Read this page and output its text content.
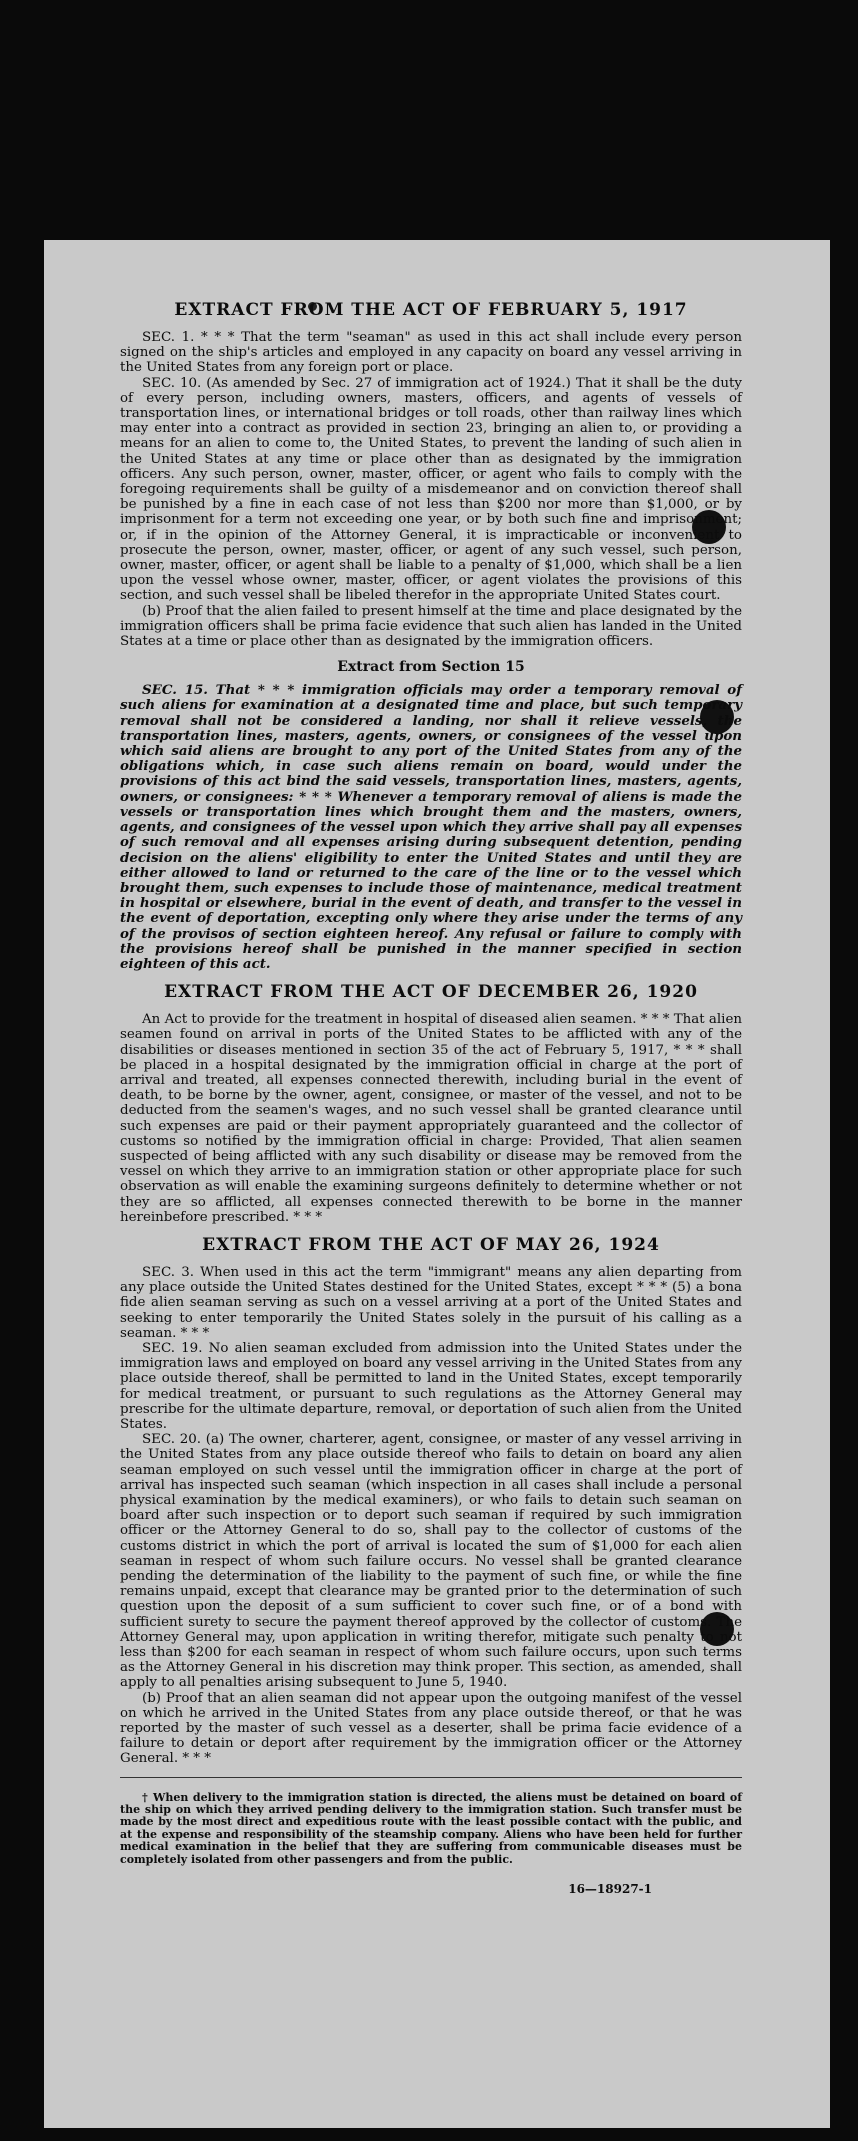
EXTRACT FROM THE ACT OF FEBRUARY 5, 1917

SEC. 1. * * * That the term "seaman" as used in this act shall include every person signed on the ship's articles and employed in any capacity on board any vessel arriving in the United States from any foreign port or place.

SEC. 10. (As amended by Sec. 27 of immigration act of 1924.) That it shall be the duty of every person, including owners, masters, officers, and agents of vessels of transportation lines, or international bridges or toll roads, other than railway lines which may enter into a contract as provided in section 23, bringing an alien to, or providing a means for an alien to come to, the United States, to prevent the landing of such alien in the United States at any time or place other than as designated by the immigration officers. Any such person, owner, master, officer, or agent who fails to comply with the foregoing requirements shall be guilty of a misdemeanor and on conviction thereof shall be punished by a fine in each case of not less than $200 nor more than $1,000, or by imprisonment for a term not exceeding one year, or by both such fine and imprisonment; or, if in the opinion of the Attorney General, it is impracticable or inconvenient to prosecute the person, owner, master, officer, or agent of any such vessel, such person, owner, master, officer, or agent shall be liable to a penalty of $1,000, which shall be a lien upon the vessel whose owner, master, officer, or agent violates the provisions of this section, and such vessel shall be libeled therefor in the appropriate United States court.

(b) Proof that the alien failed to present himself at the time and place designated by the immigration officers shall be prima facie evidence that such alien has landed in the United States at a time or place other than as designated by the immigration officers.

Extract from Section 15

SEC. 15. That * * * immigration officials may order a temporary removal of such aliens for examination at a designated time and place, but such temporary removal shall not be considered a landing, nor shall it relieve vessels, the transportation lines, masters, agents, owners, or consignees of the vessel upon which said aliens are brought to any port of the United States from any of the obligations which, in case such aliens remain on board, would under the provisions of this act bind the said vessels, transportation lines, masters, agents, owners, or consignees: * * * Whenever a temporary removal of aliens is made the vessels or transportation lines which brought them and the masters, owners, agents, and consignees of the vessel upon which they arrive shall pay all expenses of such removal and all expenses arising during subsequent detention, pending decision on the aliens' eligibility to enter the United States and until they are either allowed to land or returned to the care of the line or to the vessel which brought them, such expenses to include those of maintenance, medical treatment in hospital or elsewhere, burial in the event of death, and transfer to the vessel in the event of deportation, excepting only where they arise under the terms of any of the provisos of section eighteen hereof. Any refusal or failure to comply with the provisions hereof shall be punished in the manner specified in section eighteen of this act.

EXTRACT FROM THE ACT OF DECEMBER 26, 1920

An Act to provide for the treatment in hospital of diseased alien seamen. * * * That alien seamen found on arrival in ports of the United States to be afflicted with any of the disabilities or diseases mentioned in section 35 of the act of February 5, 1917, * * * shall be placed in a hospital designated by the immigration official in charge at the port of arrival and treated, all expenses connected therewith, including burial in the event of death, to be borne by the owner, agent, consignee, or master of the vessel, and not to be deducted from the seamen's wages, and no such vessel shall be granted clearance until such expenses are paid or their payment appropriately guaranteed and the collector of customs so notified by the immigration official in charge: Provided, That alien seamen suspected of being afflicted with any such disability or disease may be removed from the vessel on which they arrive to an immigration station or other appropriate place for such observation as will enable the examining surgeons definitely to determine whether or not they are so afflicted, all expenses connected therewith to be borne in the manner hereinbefore prescribed. * * *

EXTRACT FROM THE ACT OF MAY 26, 1924

SEC. 3. When used in this act the term "immigrant" means any alien departing from any place outside the United States destined for the United States, except * * * (5) a bona fide alien seaman serving as such on a vessel arriving at a port of the United States and seeking to enter temporarily the United States solely in the pursuit of his calling as a seaman. * * *

SEC. 19. No alien seaman excluded from admission into the United States under the immigration laws and employed on board any vessel arriving in the United States from any place outside thereof, shall be permitted to land in the United States, except temporarily for medical treatment, or pursuant to such regulations as the Attorney General may prescribe for the ultimate departure, removal, or deportation of such alien from the United States.

SEC. 20. (a) The owner, charterer, agent, consignee, or master of any vessel arriving in the United States from any place outside thereof who fails to detain on board any alien seaman employed on such vessel until the immigration officer in charge at the port of arrival has inspected such seaman (which inspection in all cases shall include a personal physical examination by the medical examiners), or who fails to detain such seaman on board after such inspection or to deport such seaman if required by such immigration officer or the Attorney General to do so, shall pay to the collector of customs of the customs district in which the port of arrival is located the sum of $1,000 for each alien seaman in respect of whom such failure occurs. No vessel shall be granted clearance pending the determination of the liability to the payment of such fine, or while the fine remains unpaid, except that clearance may be granted prior to the determination of such question upon the deposit of a sum sufficient to cover such fine, or of a bond with sufficient surety to secure the payment thereof approved by the collector of customs. The Attorney General may, upon application in writing therefor, mitigate such penalty to not less than $200 for each seaman in respect of whom such failure occurs, upon such terms as the Attorney General in his discretion may think proper. This section, as amended, shall apply to all penalties arising subsequent to June 5, 1940.

(b) Proof that an alien seaman did not appear upon the outgoing manifest of the vessel on which he arrived in the United States from any place outside thereof, or that he was reported by the master of such vessel as a deserter, shall be prima facie evidence of a failure to detain or deport after requirement by the immigration officer or the Attorney General. * * *

† When delivery to the immigration station is directed, the aliens must be detained on board of the ship on which they arrived pending delivery to the immigration station. Such transfer must be made by the most direct and expeditious route with the least possible contact with the public, and at the expense and responsibility of the steamship company. Aliens who have been held for further medical examination in the belief that they are suffering from communicable diseases must be completely isolated from other passengers and from the public.
16—18927-1
